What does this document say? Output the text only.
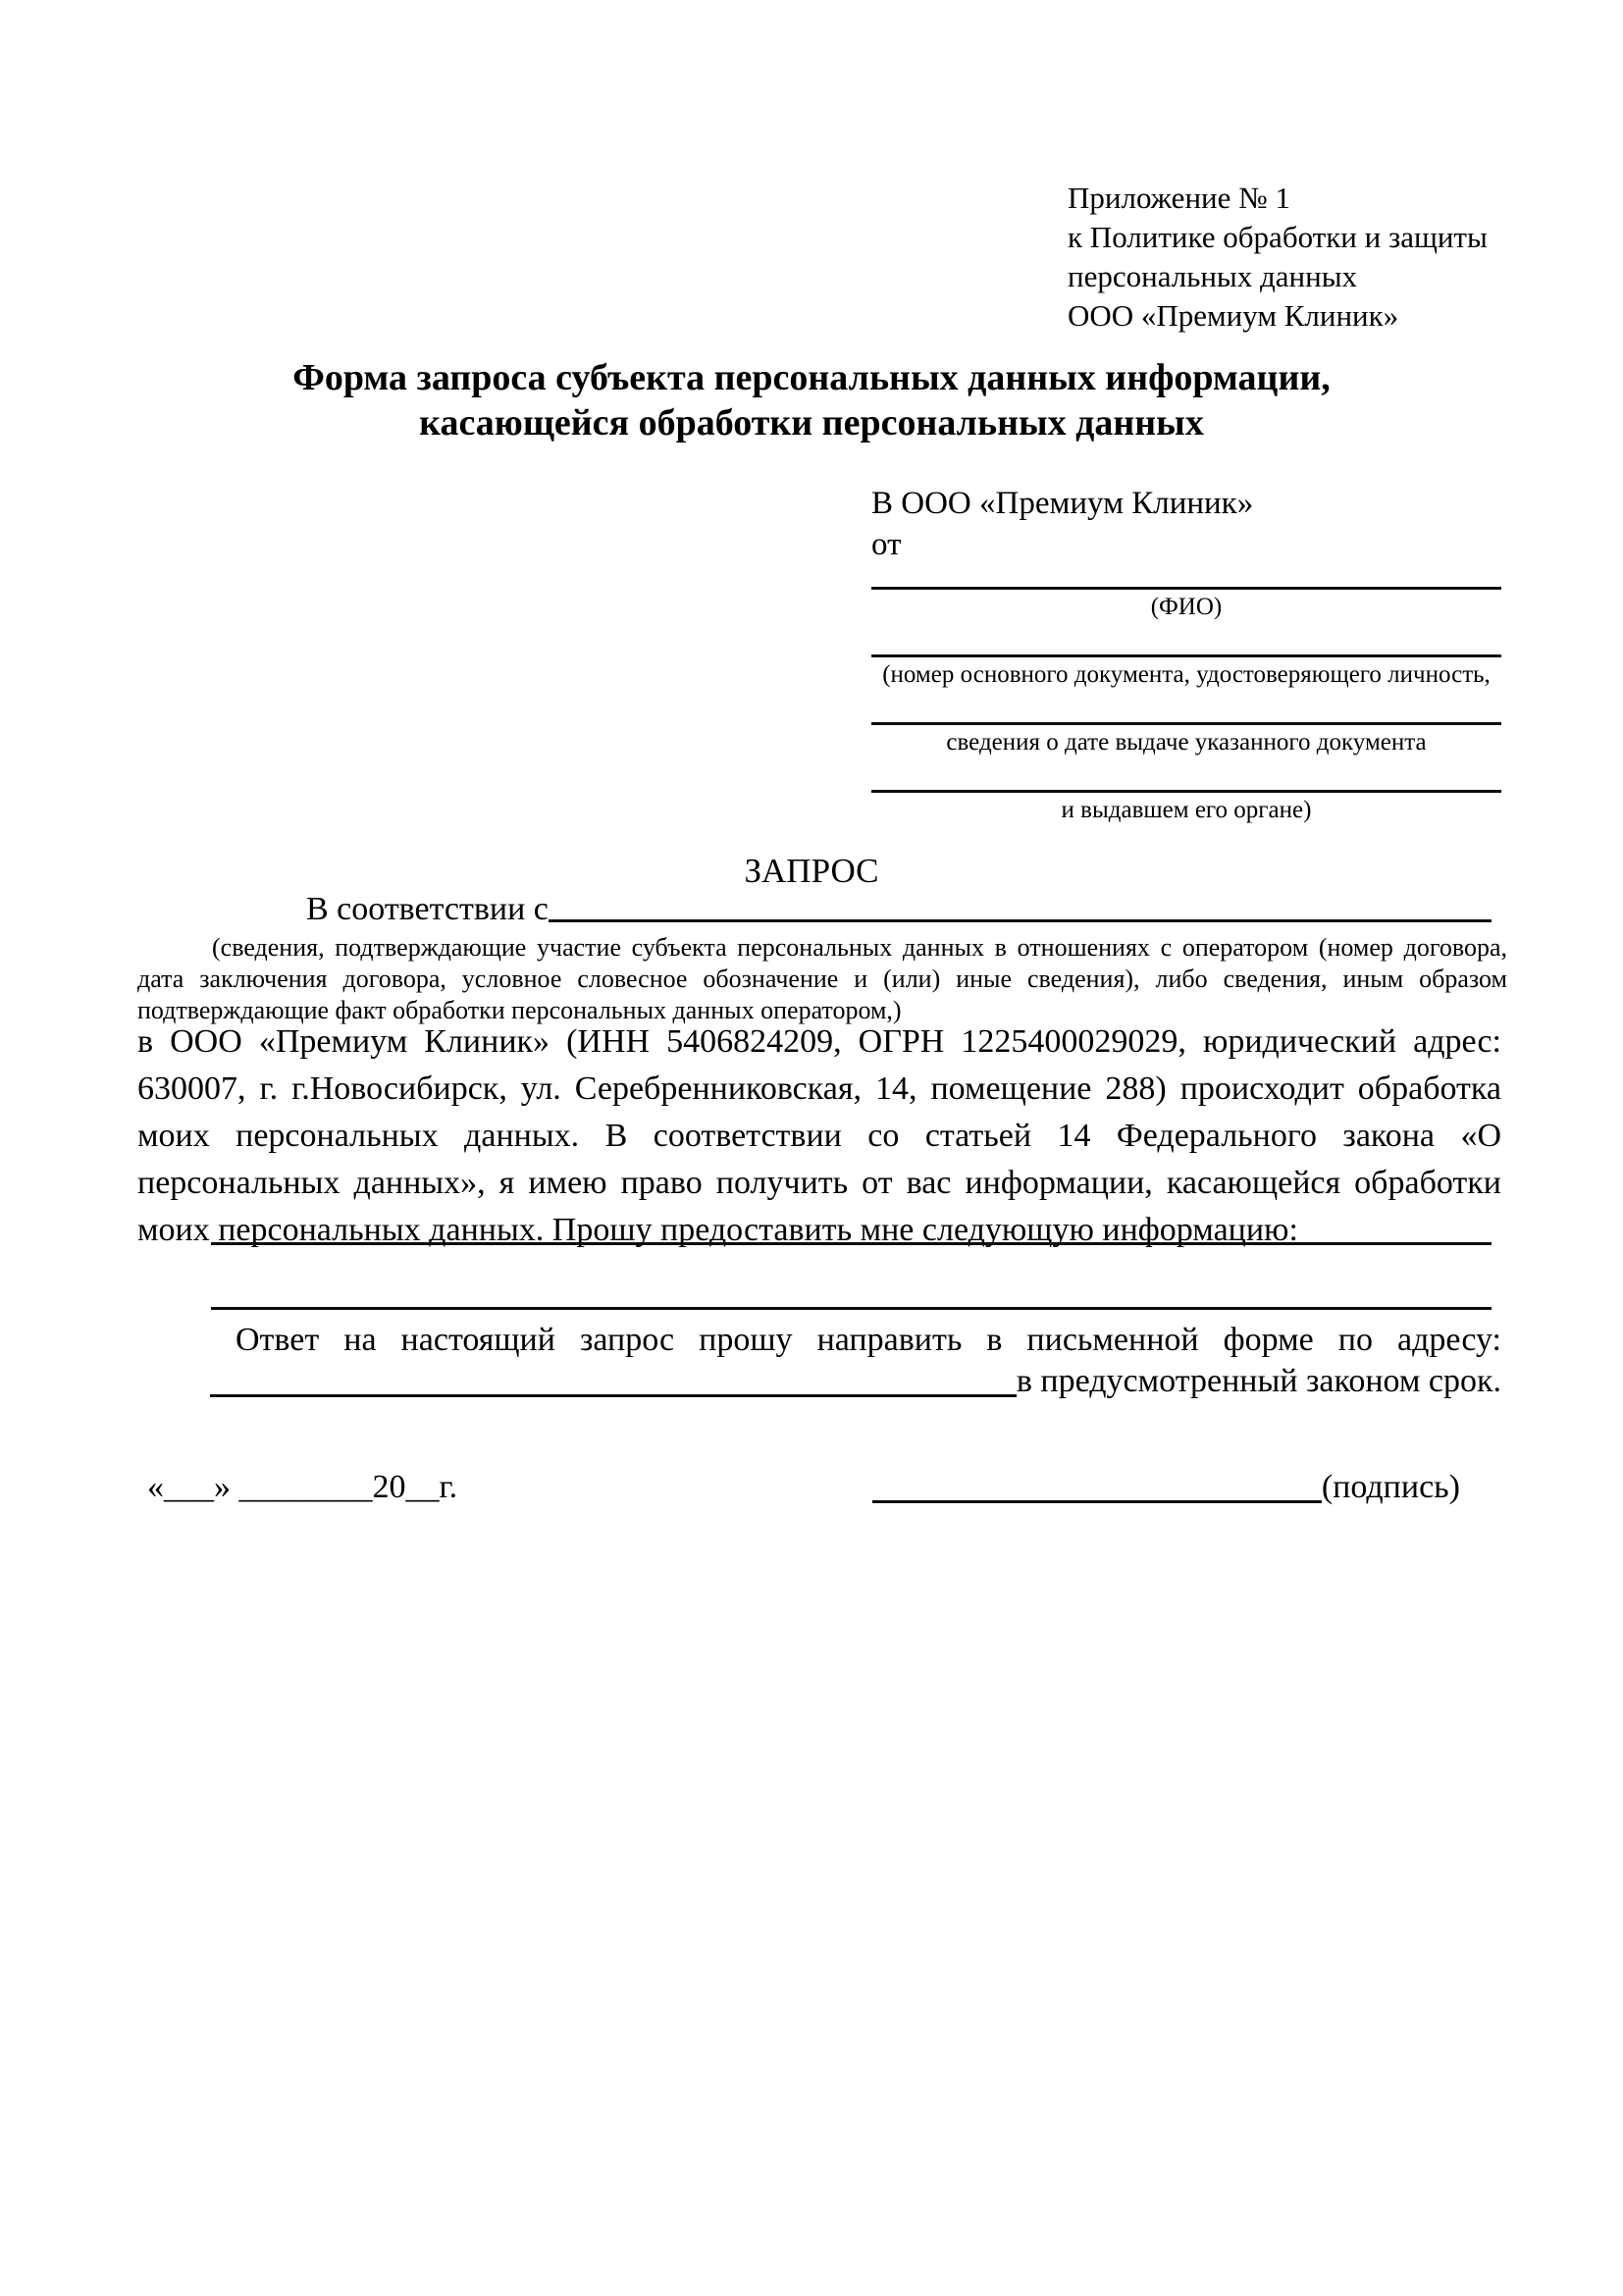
Приложение № 1
к Политике обработки и защиты
персональных данных
ООО «Премиум Клиник»
Форма запроса субъекта персональных данных информации,
касающейся обработки персональных данных
В ООО «Премиум Клиник»
от
(ФИО)
(номер основного документа, удостоверяющего личность,
сведения о дате выдаче указанного документа
и выдавшем его органе)
ЗАПРОС
В соответствии с
(сведения, подтверждающие участие субъекта персональных данных в отношениях с оператором (номер договора, дата заключения договора, условное словесное обозначение и (или) иные сведения), либо сведения, иным образом подтверждающие факт обработки персональных данных оператором,)
в ООО «Премиум Клиник» (ИНН 5406824209, ОГРН 1225400029029, юридический адрес: 630007, г. г.Новосибирск, ул. Серебренниковская, 14, помещение 288) происходит обработка моих персональных данных. В соответствии со статьей 14 Федерального закона «О персональных данных», я имею право получить от вас информации, касающейся обработки моих персональных данных. Прошу предоставить мне следующую информацию:
Ответ на настоящий запрос прошу направить в письменной форме по адресу:
в предусмотренный законом срок.
«___» ________20__г.	(подпись)
